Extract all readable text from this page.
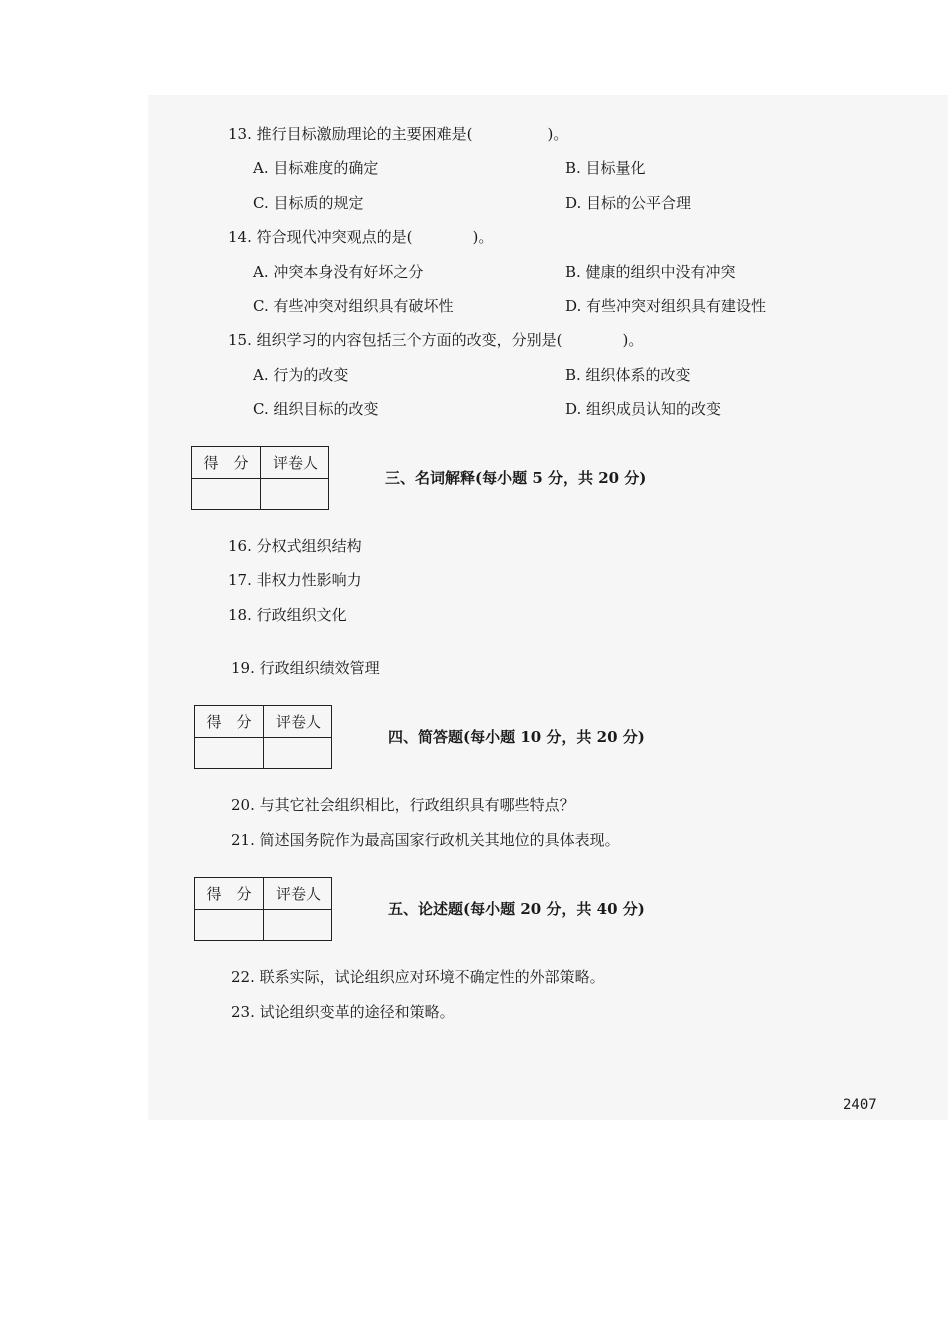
13. 推行目标激励理论的主要困难是(　　　　　)。
A. 目标难度的确定	B. 目标量化
C. 目标质的规定	D. 目标的公平合理
14. 符合现代冲突观点的是(　　　　)。
A. 冲突本身没有好坏之分	B. 健康的组织中没有冲突
C. 有些冲突对组织具有破坏性	D. 有些冲突对组织具有建设性
15. 组织学习的内容包括三个方面的改变，分别是(　　　　)。
A. 行为的改变	B. 组织体系的改变
C. 组织目标的改变	D. 组织成员认知的改变
得　分	评卷人
三、名词解释(每小题 5 分，共 20 分)
16. 分权式组织结构
17. 非权力性影响力
18. 行政组织文化
19. 行政组织绩效管理
得　分	评卷人
四、简答题(每小题 10 分，共 20 分)
20. 与其它社会组织相比，行政组织具有哪些特点？
21. 简述国务院作为最高国家行政机关其地位的具体表现。
得　分	评卷人
五、论述题(每小题 20 分，共 40 分)
22. 联系实际，试论组织应对环境不确定性的外部策略。
23. 试论组织变革的途径和策略。
2407
